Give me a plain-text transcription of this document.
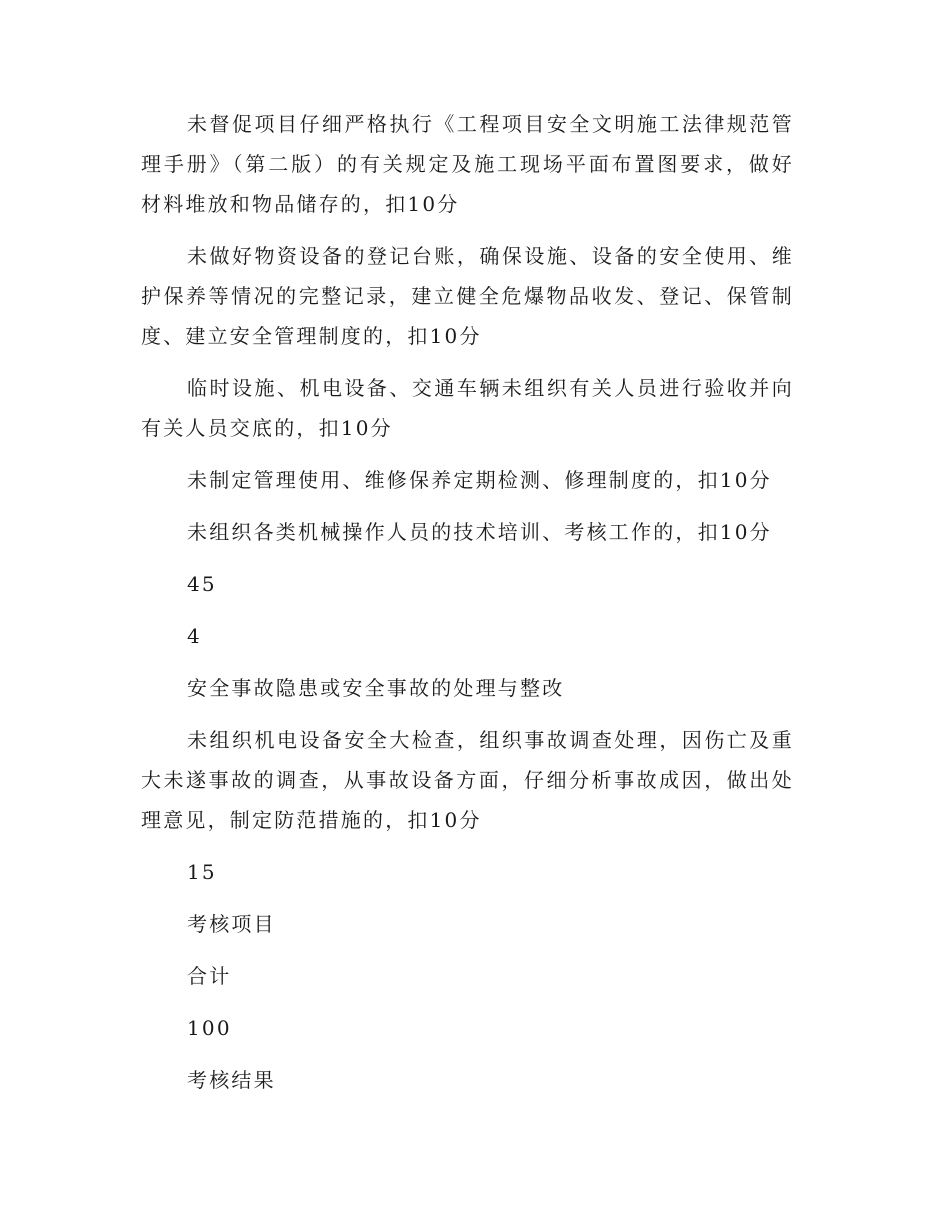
未督促项目仔细严格执行《工程项目安全文明施工法律规范管理手册》（第二版）的有关规定及施工现场平面布置图要求，做好材料堆放和物品储存的，扣10分

未做好物资设备的登记台账，确保设施、设备的安全使用、维护保养等情况的完整记录，建立健全危爆物品收发、登记、保管制度、建立安全管理制度的，扣10分

临时设施、机电设备、交通车辆未组织有关人员进行验收并向有关人员交底的，扣10分

未制定管理使用、维修保养定期检测、修理制度的，扣10分

未组织各类机械操作人员的技术培训、考核工作的，扣10分

45

4

安全事故隐患或安全事故的处理与整改

未组织机电设备安全大检查，组织事故调查处理，因伤亡及重大未遂事故的调查，从事故设备方面，仔细分析事故成因，做出处理意见，制定防范措施的，扣10分

15

考核项目

合计

100

考核结果
